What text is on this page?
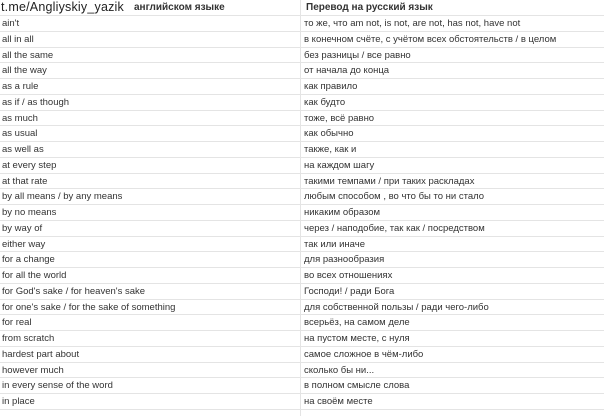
t.me/Angliyskiy_yazik английском языке	Перевод на русский язык
ain't	то же, что am not, is not, are not, has not, have not
all in all	в конечном счёте, с учётом всех обстоятельств / в целом
all the same	без разницы / все равно
all the way	от начала до конца
as a rule	как правило
as if / as though	как будто
as much	тоже, всё равно
as usual	как обычно
as well as	также, как и
at every step	на каждом шагу
at that rate	такими темпами / при таких раскладах
by all means / by any means	любым способом , во что бы то ни стало
by no means	никаким образом
by way of	через / наподобие, так как / посредством
either way	так или иначе
for a change	для разнообразия
for all the world	во всех отношениях
for God's sake / for heaven's sake	Господи! / ради Бога
for one's sake / for the sake of something	для собственной пользы / ради чего-либо
for real	всерьёз, на самом деле
from scratch	на пустом месте, с нуля
hardest part about	самое сложное в чём-либо
however much	сколько бы ни...
in every sense of the word	в полном смысле слова
in place	на своём месте
